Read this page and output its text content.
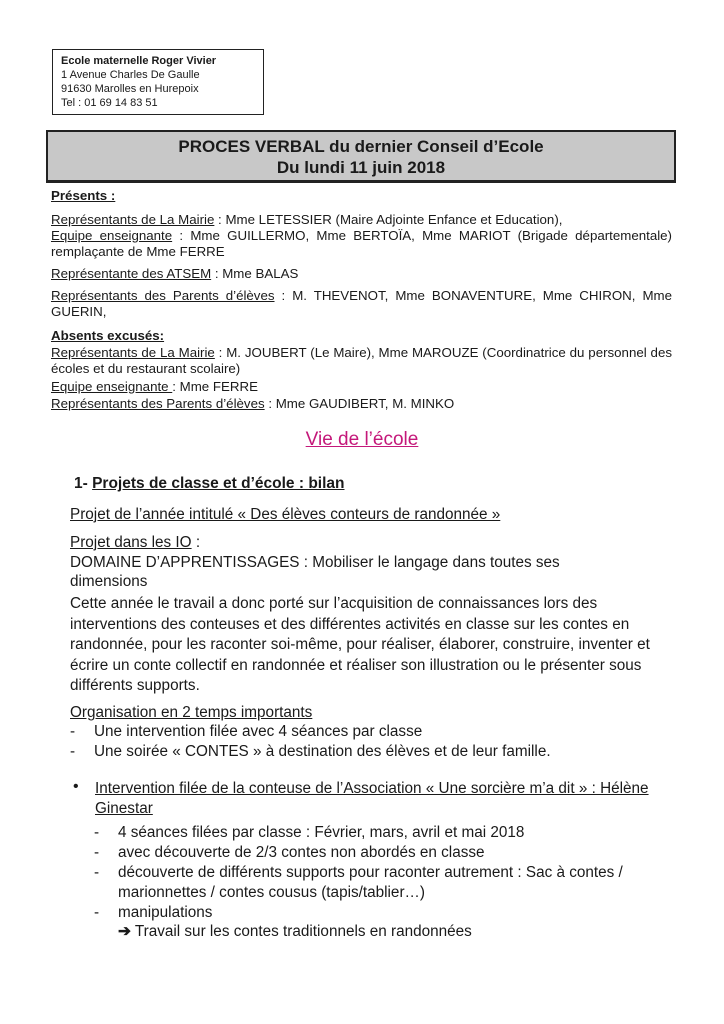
Ecole maternelle Roger Vivier
1 Avenue Charles De Gaulle
91630 Marolles en Hurepoix
Tel : 01 69 14 83 51
PROCES VERBAL du dernier Conseil d’Ecole
Du lundi 11 juin 2018
Présents :
Représentants de La Mairie : Mme LETESSIER (Maire Adjointe Enfance et Education),
Equipe enseignante : Mme GUILLERMO, Mme BERTOÏA, Mme MARIOT (Brigade départementale) remplaçante de Mme FERRE
Représentante des ATSEM : Mme BALAS
Représentants des Parents d’élèves : M. THEVENOT, Mme BONAVENTURE, Mme CHIRON, Mme GUERIN,
Absents excusés:
Représentants de La Mairie : M. JOUBERT (Le Maire), Mme MAROUZE (Coordinatrice du personnel des écoles et du restaurant scolaire)
Equipe enseignante : Mme FERRE
Représentants des Parents d’élèves : Mme GAUDIBERT, M. MINKO
Vie de l’école
1- Projets de classe et d’école : bilan
Projet de l’année intitulé « Des élèves conteurs de randonnée »
Projet dans les IO :
DOMAINE D’APPRENTISSAGES : Mobiliser le langage dans toutes ses dimensions
Cette année le travail a donc porté sur l’acquisition de connaissances lors des interventions des conteuses et des différentes activités en classe sur les contes en randonnée, pour les raconter soi-même, pour réaliser, élaborer, construire, inventer et écrire un conte collectif en randonnée et réaliser son illustration ou le présenter sous différents supports.
Organisation en 2 temps importants
- Une intervention filée avec 4 séances par classe
- Une soirée « CONTES » à destination des élèves et de leur famille.
• Intervention filée de la conteuse de l’Association « Une sorcière m’a dit » : Hélène Ginestar
- 4 séances filées par classe : Février, mars, avril et mai 2018
- avec découverte de 2/3 contes non abordés en classe
-	découverte de différents supports pour raconter autrement : Sac à contes / marionnettes / contes cousus (tapis/tablier…)
- manipulations
➔ Travail sur les contes traditionnels en randonnées
